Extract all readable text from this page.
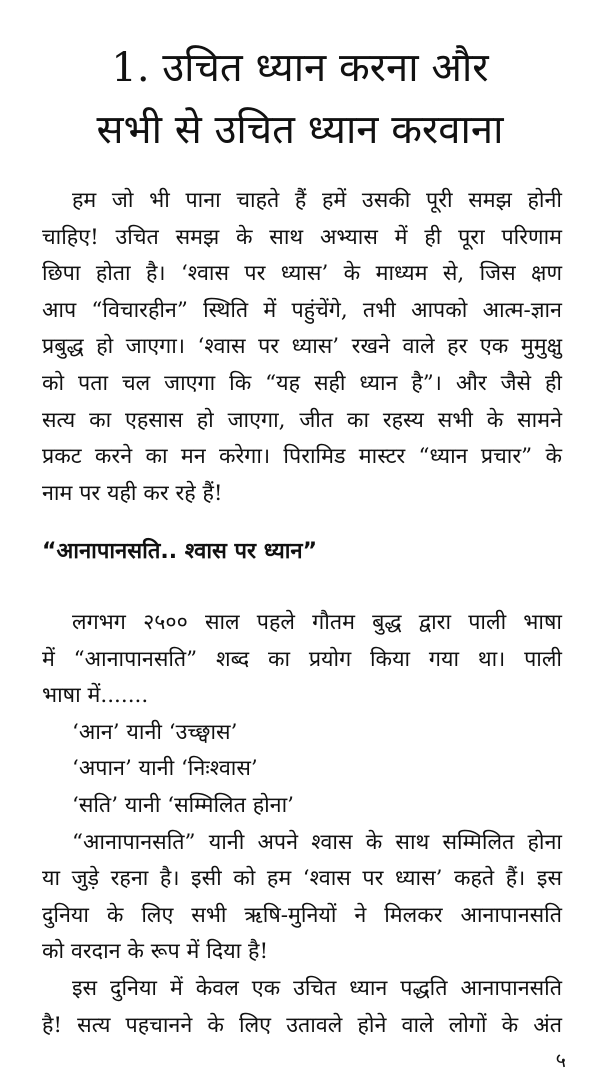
1. उचित ध्यान करना और
सभी से उचित ध्यान करवाना
हम जो भी पाना चाहते हैं हमें उसकी पूरी समझ होनी
चाहिए! उचित समझ के साथ अभ्यास में ही पूरा परिणाम
छिपा होता है। ‘श्वास पर ध्यास’ के माध्यम से, जिस क्षण
आप “विचारहीन” स्थिति में पहुंचेंगे, तभी आपको आत्म-ज्ञान
प्रबुद्ध हो जाएगा। ‘श्वास पर ध्यास’ रखने वाले हर एक मुमुक्षु
को पता चल जाएगा कि “यह सही ध्यान है”। और जैसे ही
सत्य का एहसास हो जाएगा, जीत का रहस्य सभी के सामने
प्रकट करने का मन करेगा। पिरामिड मास्टर “ध्यान प्रचार” के
नाम पर यही कर रहे हैं!
“आनापानसति.. श्वास पर ध्यान”
लगभग २५०० साल पहले गौतम बुद्ध द्वारा पाली भाषा
में “आनापानसति” शब्द का प्रयोग किया गया था। पाली
भाषा में.......
‘आन’ यानी ‘उच्छ्वास’
‘अपान’ यानी ‘निःश्वास’
‘सति’ यानी ‘सम्मिलित होना’
“आनापानसति” यानी अपने श्वास के साथ सम्मिलित होना
या जुड़े रहना है। इसी को हम ‘श्वास पर ध्यास’ कहते हैं। इस
दुनिया के लिए सभी ऋषि-मुनियों ने मिलकर आनापानसति
को वरदान के रूप में दिया है!
इस दुनिया में केवल एक उचित ध्यान पद्धति आनापानसति
है! सत्य पहचानने के लिए उतावले होने वाले लोगों के अंत
५
